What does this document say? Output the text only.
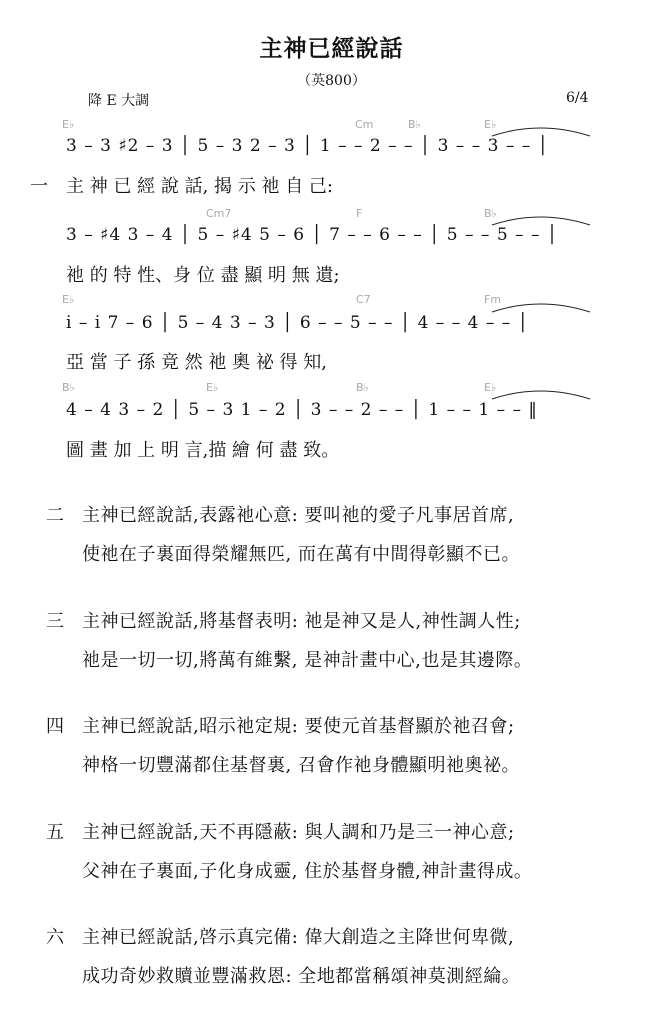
主神已經說話
（英800）
降 E 大調	6/4
E♭	Cm	B♭	E♭
3 – 3 ♯2 – 3 │ 5 – 3 2 – 3 │ 1 – – 2 – – │ 3 – – 3 – – │
一 主 神 已 經 說 話, 揭 示 祂 自 己:
Cm7	F	B♭
3 – ♯4 3 – 4 │ 5 – ♯4 5 – 6 │ 7 – – 6 – – │ 5 – – 5 – – │
祂 的 特 性、身 位 盡 顯 明 無 遺;
E♭	C7	Fm
i̇ – i̇ 7 – 6 │ 5 – 4 3 – 3 │ 6 – – 5 – – │ 4 – – 4 – – │
亞 當 子 孫 竟 然 祂 奧 祕 得 知,
B♭	E♭	B♭	E♭
4 – 4 3 – 2 │ 5 – 3 1 – 2 │ 3 – – 2 – – │ 1 – – 1 – – ‖
圖 畫 加 上 明 言,描 繪 何 盡 致。
二 主神已經說話,表露祂心意: 要叫祂的愛子凡事居首席,
使祂在子裏面得榮耀無匹, 而在萬有中間得彰顯不已。
三 主神已經說話,將基督表明: 祂是神又是人,神性調人性;
祂是一切一切,將萬有維繫, 是神計畫中心,也是其邊際。
四 主神已經說話,昭示祂定規: 要使元首基督顯於祂召會;
神格一切豐滿都住基督裏, 召會作祂身體顯明祂奧祕。
五 主神已經說話,天不再隱蔽: 與人調和乃是三一神心意;
父神在子裏面,子化身成靈, 住於基督身體,神計畫得成。
六 主神已經說話,啓示真完備: 偉大創造之主降世何卑微,
成功奇妙救贖並豐滿救恩: 全地都當稱頌神莫測經綸。
